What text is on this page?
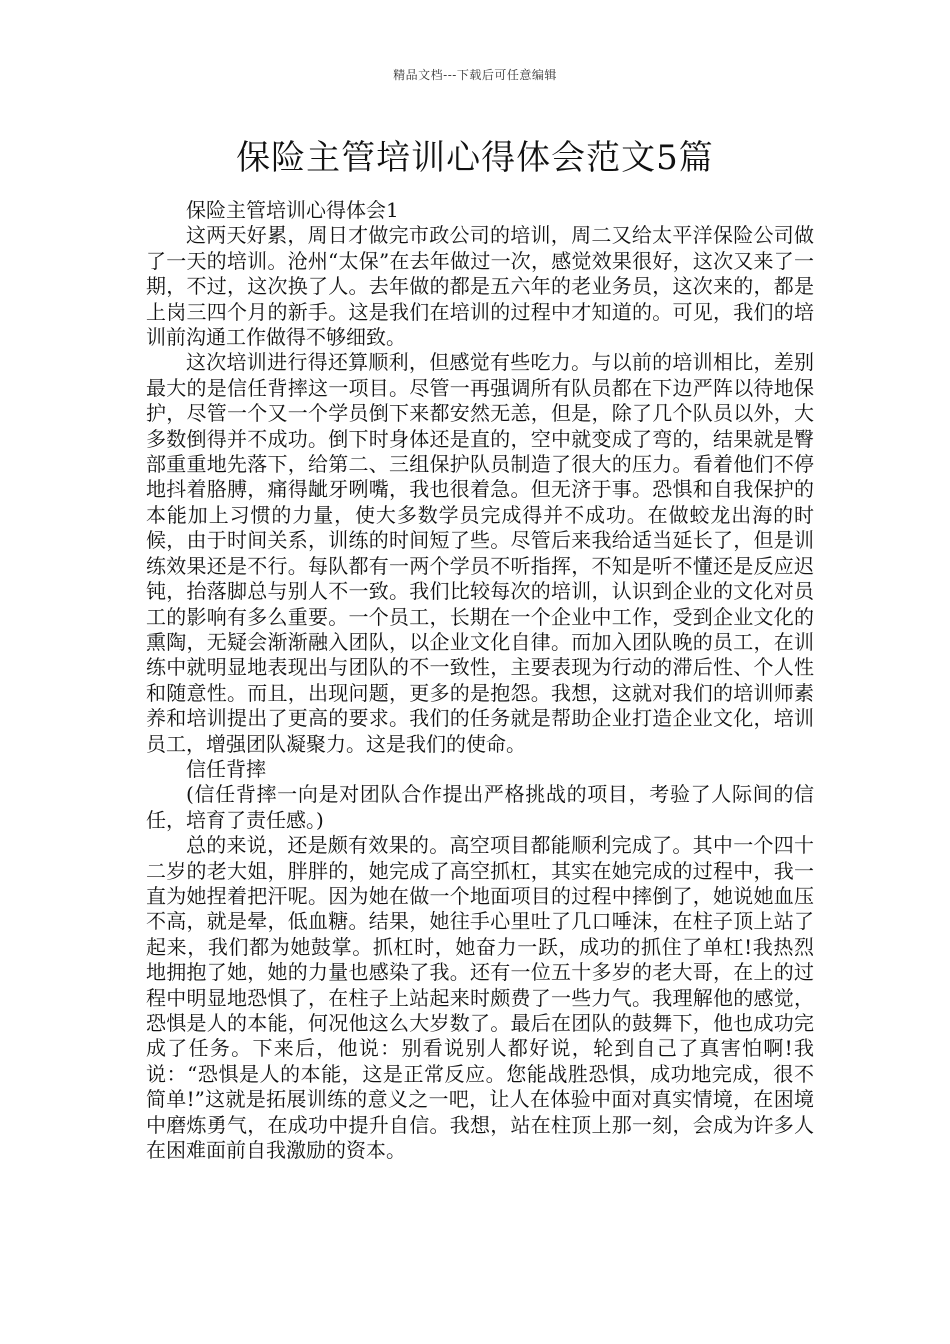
精品文档---下载后可任意编辑
保险主管培训心得体会范文5篇

保险主管培训心得体会1

这两天好累，周日才做完市政公司的培训，周二又给太平洋保险公司做了一天的培训。沧州“太保”在去年做过一次，感觉效果很好，这次又来了一期，不过，这次换了人。去年做的都是五六年的老业务员，这次来的，都是上岗三四个月的新手。这是我们在培训的过程中才知道的。可见，我们的培训前沟通工作做得不够细致。

这次培训进行得还算顺利，但感觉有些吃力。与以前的培训相比，差别最大的是信任背摔这一项目。尽管一再强调所有队员都在下边严阵以待地保护，尽管一个又一个学员倒下来都安然无恙，但是，除了几个队员以外，大多数倒得并不成功。倒下时身体还是直的，空中就变成了弯的，结果就是臀部重重地先落下，给第二、三组保护队员制造了很大的压力。看着他们不停地抖着胳膊，痛得龇牙咧嘴，我也很着急。但无济于事。恐惧和自我保护的本能加上习惯的力量，使大多数学员完成得并不成功。在做蛟龙出海的时候，由于时间关系，训练的时间短了些。尽管后来我给适当延长了，但是训练效果还是不行。每队都有一两个学员不听指挥，不知是听不懂还是反应迟钝，抬落脚总与别人不一致。我们比较每次的培训，认识到企业的文化对员工的影响有多么重要。一个员工，长期在一个企业中工作，受到企业文化的熏陶，无疑会渐渐融入团队，以企业文化自律。而加入团队晚的员工，在训练中就明显地表现出与团队的不一致性，主要表现为行动的滞后性、个人性和随意性。而且，出现问题，更多的是抱怨。我想，这就对我们的培训师素养和培训提出了更高的要求。我们的任务就是帮助企业打造企业文化，培训员工，增强团队凝聚力。这是我们的使命。

信任背摔

(信任背摔一向是对团队合作提出严格挑战的项目，考验了人际间的信任，培育了责任感。)

总的来说，还是颇有效果的。高空项目都能顺利完成了。其中一个四十二岁的老大姐，胖胖的，她完成了高空抓杠，其实在她完成的过程中，我一直为她捏着把汗呢。因为她在做一个地面项目的过程中摔倒了，她说她血压不高，就是晕，低血糖。结果，她往手心里吐了几口唾沫，在柱子顶上站了起来，我们都为她鼓掌。抓杠时，她奋力一跃，成功的抓住了单杠!我热烈地拥抱了她，她的力量也感染了我。还有一位五十多岁的老大哥，在上的过程中明显地恐惧了，在柱子上站起来时颇费了一些力气。我理解他的感觉，恐惧是人的本能，何况他这么大岁数了。最后在团队的鼓舞下，他也成功完成了任务。下来后，他说：别看说别人都好说，轮到自己了真害怕啊!我说：“恐惧是人的本能，这是正常反应。您能战胜恐惧，成功地完成，很不简单!”这就是拓展训练的意义之一吧，让人在体验中面对真实情境，在困境中磨炼勇气，在成功中提升自信。我想，站在柱顶上那一刻，会成为许多人在困难面前自我激励的资本。
